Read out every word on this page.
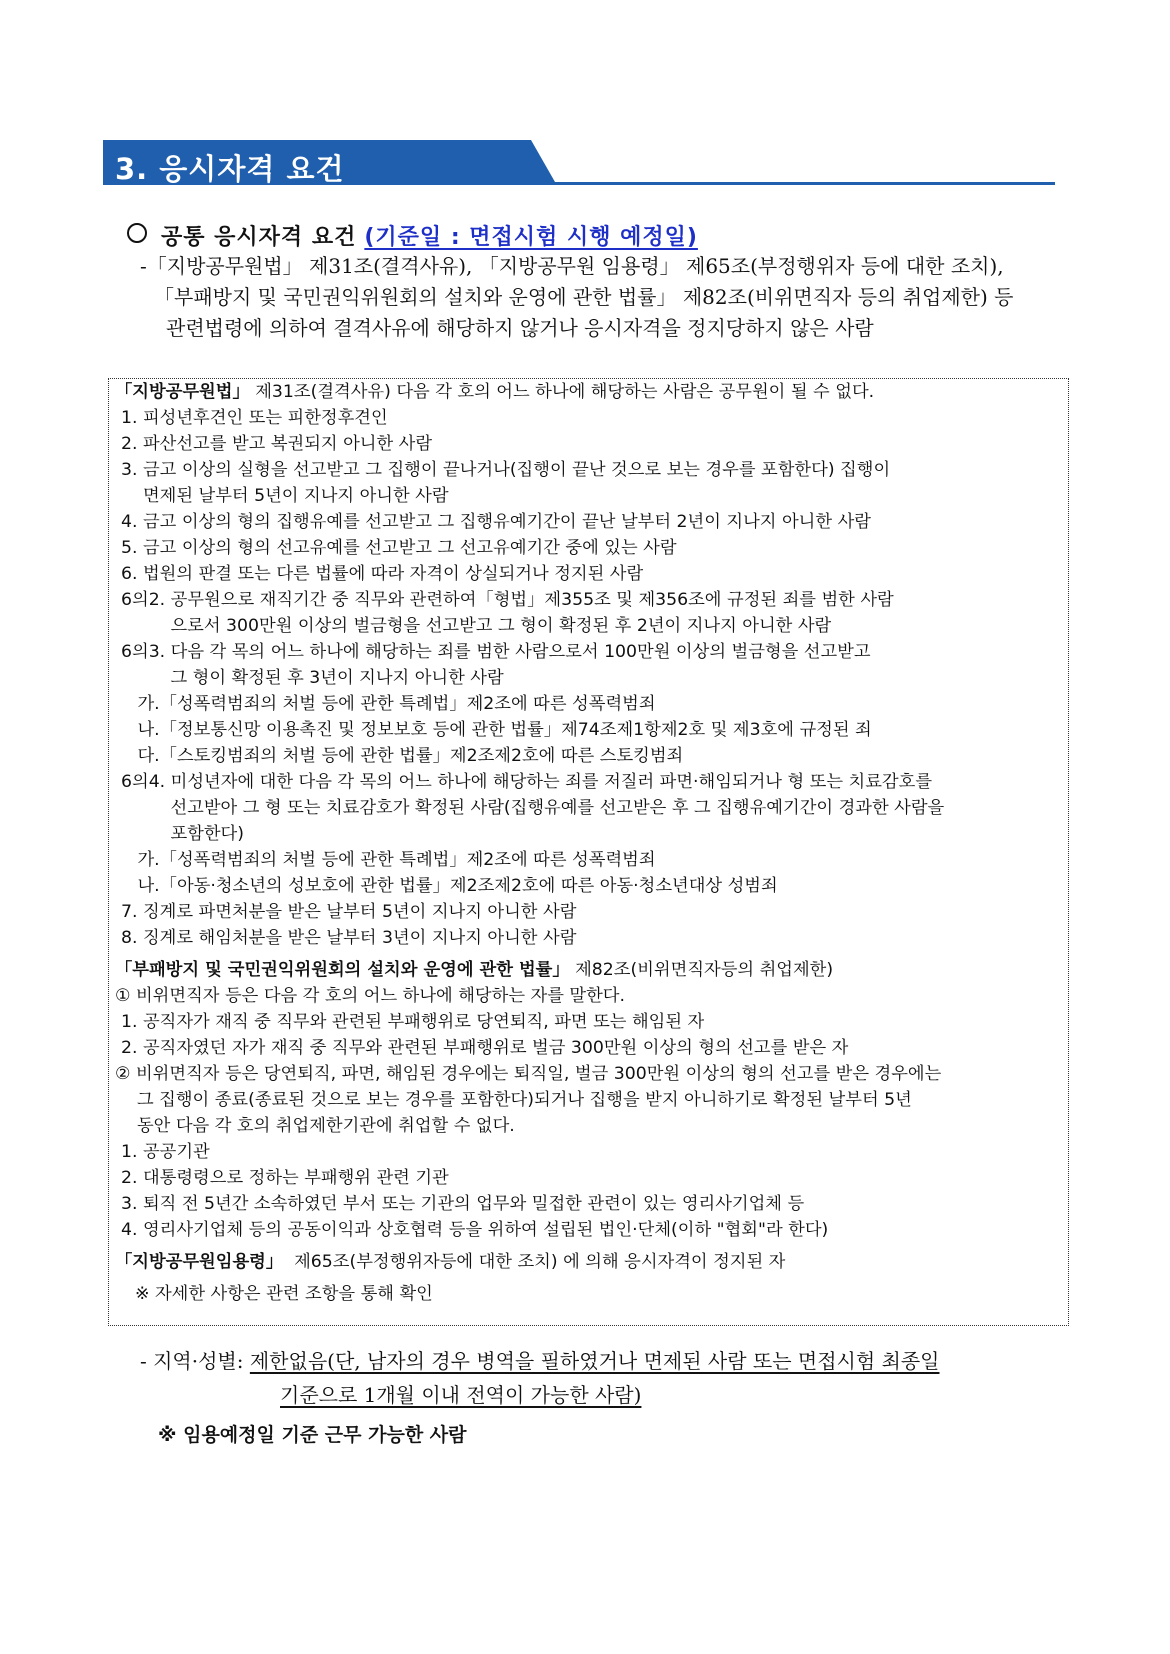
3. 응시자격 요건
공통 응시자격 요건 (기준일 : 면접시험 시행 예정일)
-「지방공무원법」 제31조(결격사유), 「지방공무원 임용령」 제65조(부정행위자 등에 대한 조치),
「부패방지 및 국민권익위원회의 설치와 운영에 관한 법률」 제82조(비위면직자 등의 취업제한) 등
관련법령에 의하여 결격사유에 해당하지 않거나 응시자격을 정지당하지 않은 사람
「지방공무원법」 제31조(결격사유) 다음 각 호의 어느 하나에 해당하는 사람은 공무원이 될 수 없다.
1. 피성년후견인 또는 피한정후견인
2. 파산선고를 받고 복권되지 아니한 사람
3. 금고 이상의 실형을 선고받고 그 집행이 끝나거나(집행이 끝난 것으로 보는 경우를 포함한다) 집행이
면제된 날부터 5년이 지나지 아니한 사람
4. 금고 이상의 형의 집행유예를 선고받고 그 집행유예기간이 끝난 날부터 2년이 지나지 아니한 사람
5. 금고 이상의 형의 선고유예를 선고받고 그 선고유예기간 중에 있는 사람
6. 법원의 판결 또는 다른 법률에 따라 자격이 상실되거나 정지된 사람
6의2. 공무원으로 재직기간 중 직무와 관련하여「형법」제355조 및 제356조에 규정된 죄를 범한 사람
으로서 300만원 이상의 벌금형을 선고받고 그 형이 확정된 후 2년이 지나지 아니한 사람
6의3. 다음 각 목의 어느 하나에 해당하는 죄를 범한 사람으로서 100만원 이상의 벌금형을 선고받고
그 형이 확정된 후 3년이 지나지 아니한 사람
가.「성폭력범죄의 처벌 등에 관한 특례법」제2조에 따른 성폭력범죄
나.「정보통신망 이용촉진 및 정보보호 등에 관한 법률」제74조제1항제2호 및 제3호에 규정된 죄
다.「스토킹범죄의 처벌 등에 관한 법률」제2조제2호에 따른 스토킹범죄
6의4. 미성년자에 대한 다음 각 목의 어느 하나에 해당하는 죄를 저질러 파면·해임되거나 형 또는 치료감호를
선고받아 그 형 또는 치료감호가 확정된 사람(집행유예를 선고받은 후 그 집행유예기간이 경과한 사람을
포함한다)
가.「성폭력범죄의 처벌 등에 관한 특례법」제2조에 따른 성폭력범죄
나.「아동·청소년의 성보호에 관한 법률」제2조제2호에 따른 아동·청소년대상 성범죄
7. 징계로 파면처분을 받은 날부터 5년이 지나지 아니한 사람
8. 징계로 해임처분을 받은 날부터 3년이 지나지 아니한 사람
「부패방지 및 국민권익위원회의 설치와 운영에 관한 법률」 제82조(비위면직자등의 취업제한)
① 비위면직자 등은 다음 각 호의 어느 하나에 해당하는 자를 말한다.
1. 공직자가 재직 중 직무와 관련된 부패행위로 당연퇴직, 파면 또는 해임된 자
2. 공직자였던 자가 재직 중 직무와 관련된 부패행위로 벌금 300만원 이상의 형의 선고를 받은 자
② 비위면직자 등은 당연퇴직, 파면, 해임된 경우에는 퇴직일, 벌금 300만원 이상의 형의 선고를 받은 경우에는
그 집행이 종료(종료된 것으로 보는 경우를 포함한다)되거나 집행을 받지 아니하기로 확정된 날부터 5년
동안 다음 각 호의 취업제한기관에 취업할 수 없다.
1. 공공기관
2. 대통령령으로 정하는 부패행위 관련 기관
3. 퇴직 전 5년간 소속하였던 부서 또는 기관의 업무와 밀접한 관련이 있는 영리사기업체 등
4. 영리사기업체 등의 공동이익과 상호협력 등을 위하여 설립된 법인·단체(이하 "협회"라 한다)
「지방공무원임용령」  제65조(부정행위자등에 대한 조치) 에 의해 응시자격이 정지된 자
※ 자세한 사항은 관련 조항을 통해 확인
- 지역·성별: 제한없음(단, 남자의 경우 병역을 필하였거나 면제된 사람 또는 면접시험 최종일
기준으로 1개월 이내 전역이 가능한 사람)
※ 임용예정일 기준 근무 가능한 사람
